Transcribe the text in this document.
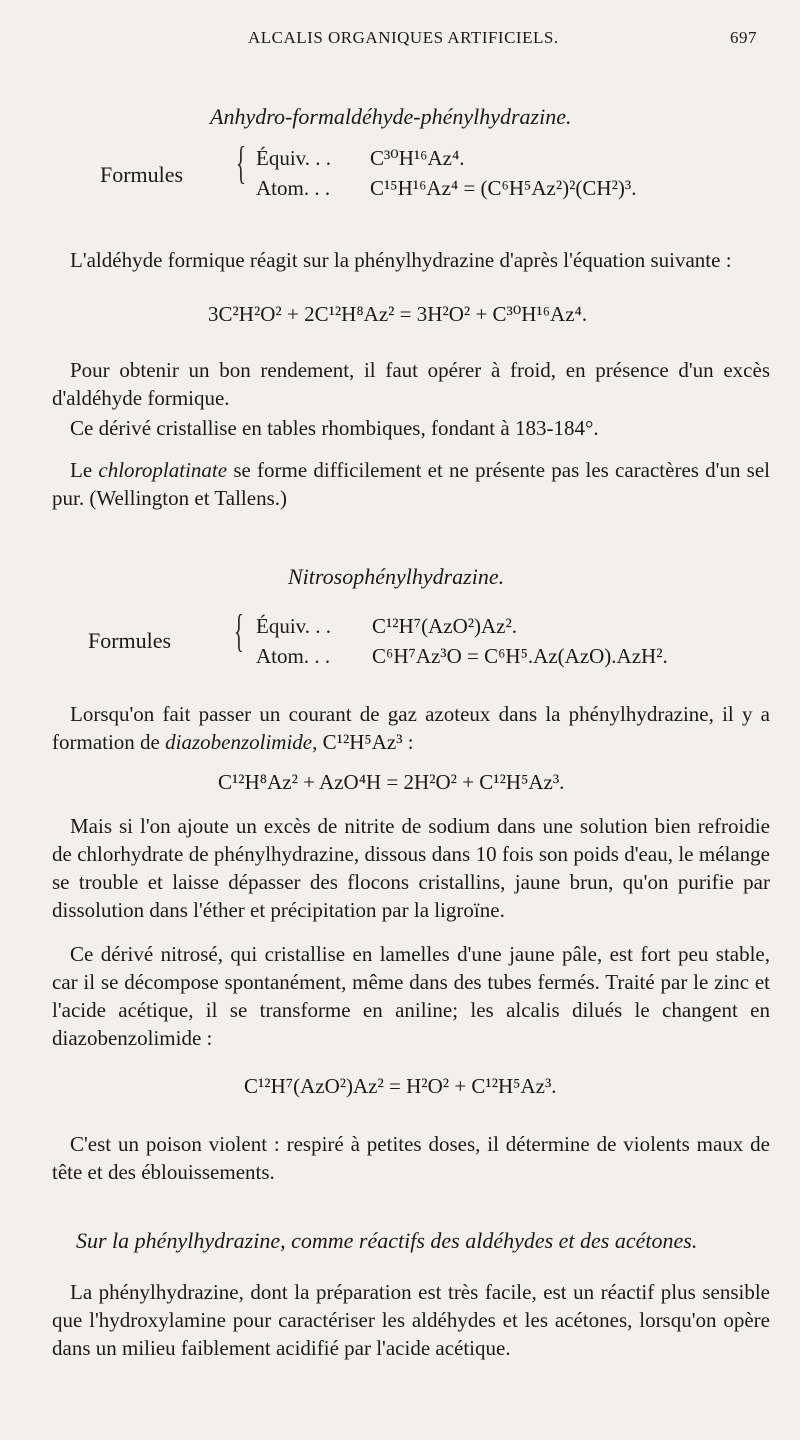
ALCALIS ORGANIQUES ARTIFICIELS.	697
Anhydro-formaldéhyde-phénylhydrazine.
Formules { Équiv. . . C³⁰H¹⁶Az⁴.
Atom. . . C¹⁵H¹⁶Az⁴ = (C⁶H⁵Az²)²(CH²)³.
L'aldéhyde formique réagit sur la phénylhydrazine d'après l'équation suivante :
3C²H²O² + 2C¹²H⁸Az² = 3H²O² + C³⁰H¹⁶Az⁴.
Pour obtenir un bon rendement, il faut opérer à froid, en présence d'un excès d'aldéhyde formique.
Ce dérivé cristallise en tables rhombiques, fondant à 183-184°.
Le chloroplatinate se forme difficilement et ne présente pas les caractères d'un sel pur. (Wellington et Tallens.)
Nitrosophénylhydrazine.
Formules { Équiv. . . C¹²H⁷(AzO²)Az².
Atom. . . C⁶H⁷Az³O = C⁶H⁵.Az(AzO).AzH².
Lorsqu'on fait passer un courant de gaz azoteux dans la phénylhydrazine, il y a formation de diazobenzolimide, C¹²H⁵Az³ :
C¹²H⁸Az² + AzO⁴H = 2H²O² + C¹²H⁵Az³.
Mais si l'on ajoute un excès de nitrite de sodium dans une solution bien refroidie de chlorhydrate de phénylhydrazine, dissous dans 10 fois son poids d'eau, le mélange se trouble et laisse dépasser des flocons cristallins, jaune brun, qu'on purifie par dissolution dans l'éther et précipitation par la ligroïne.
Ce dérivé nitrosé, qui cristallise en lamelles d'une jaune pâle, est fort peu stable, car il se décompose spontanément, même dans des tubes fermés. Traité par le zinc et l'acide acétique, il se transforme en aniline; les alcalis dilués le changent en diazobenzolimide :
C¹²H⁷(AzO²)Az² = H²O² + C¹²H⁵Az³.
C'est un poison violent : respiré à petites doses, il détermine de violents maux de tête et des éblouissements.
Sur la phénylhydrazine, comme réactifs des aldéhydes et des acétones.
La phénylhydrazine, dont la préparation est très facile, est un réactif plus sensible que l'hydroxylamine pour caractériser les aldéhydes et les acétones, lorsqu'on opère dans un milieu faiblement acidifié par l'acide acétique.
